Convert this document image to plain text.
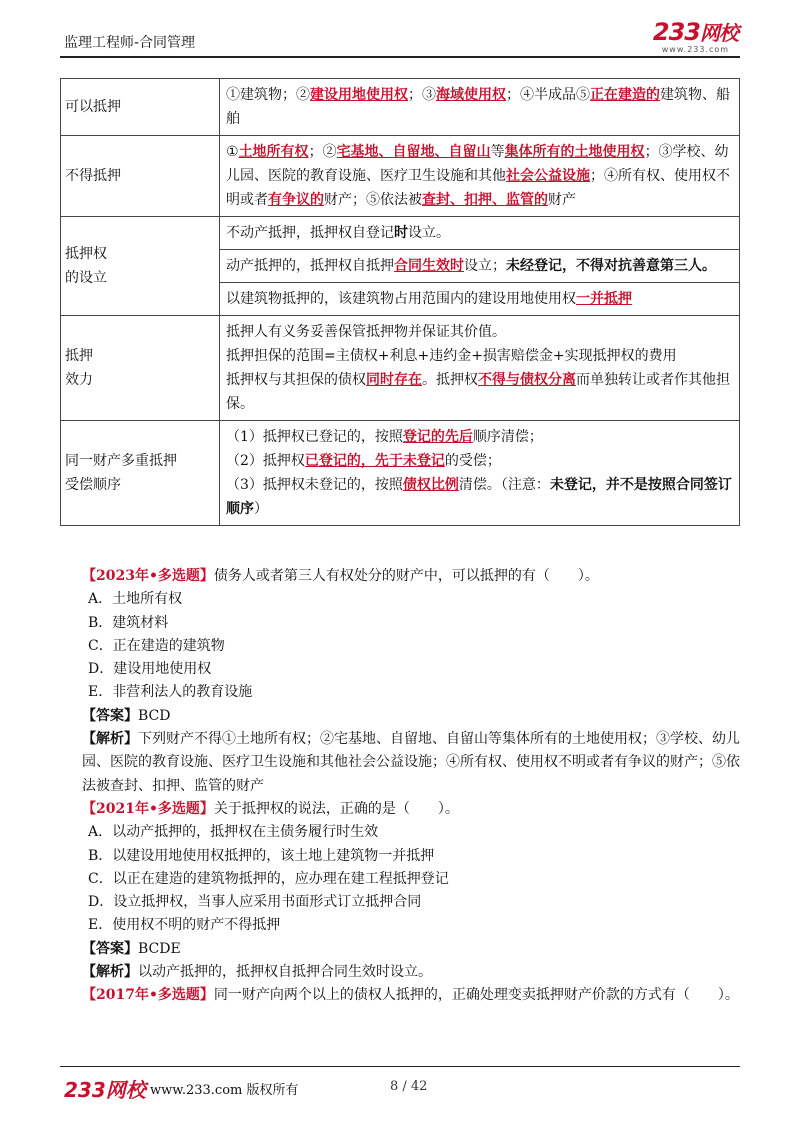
监理工程师-合同管理	233网校
www.233.com
可以抵押	①建筑物；②建设用地使用权；③海域使用权；④半成品⑤正在建造的建筑物、船舶
不得抵押	①土地所有权；②宅基地、自留地、自留山等集体所有的土地使用权；③学校、幼儿园、医院的教育设施、医疗卫生设施和其他社会公益设施；④所有权、使用权不明或者有争议的财产；⑤依法被查封、扣押、监管的财产
抵押权
的设立	不动产抵押，抵押权自登记时设立。
	动产抵押的，抵押权自抵押合同生效时设立；未经登记，不得对抗善意第三人。
	以建筑物抵押的，该建筑物占用范围内的建设用地使用权一并抵押
抵押
效力	抵押人有义务妥善保管抵押物并保证其价值。
抵押担保的范围=主债权+利息+违约金+损害赔偿金+实现抵押权的费用
抵押权与其担保的债权同时存在。抵押权不得与债权分离而单独转让或者作其他担保。
同一财产多重抵押
受偿顺序	（1）抵押权已登记的，按照登记的先后顺序清偿；
（2）抵押权已登记的，先于未登记的受偿；
（3）抵押权未登记的，按照债权比例清偿。（注意：未登记，并不是按照合同签订顺序）

【2023年•多选题】债务人或者第三人有权处分的财产中，可以抵押的有（　　）。

A．土地所有权

B．建筑材料

C．正在建造的建筑物

D．建设用地使用权

E．非营利法人的教育设施

【答案】BCD

【解析】下列财产不得①土地所有权；②宅基地、自留地、自留山等集体所有的土地使用权；③学校、幼儿园、医院的教育设施、医疗卫生设施和其他社会公益设施；④所有权、使用权不明或者有争议的财产；⑤依法被查封、扣押、监管的财产

【2021年•多选题】关于抵押权的说法，正确的是（　　）。

A．以动产抵押的，抵押权在主债务履行时生效

B．以建设用地使用权抵押的，该土地上建筑物一并抵押

C．以正在建造的建筑物抵押的，应办理在建工程抵押登记

D．设立抵押权，当事人应采用书面形式订立抵押合同

E．使用权不明的财产不得抵押

【答案】BCDE

【解析】以动产抵押的，抵押权自抵押合同生效时设立。

【2017年•多选题】同一财产向两个以上的债权人抵押的，正确处理变卖抵押财产价款的方式有（　　）。

233网校 www.233.com 版权所有	8 / 42
